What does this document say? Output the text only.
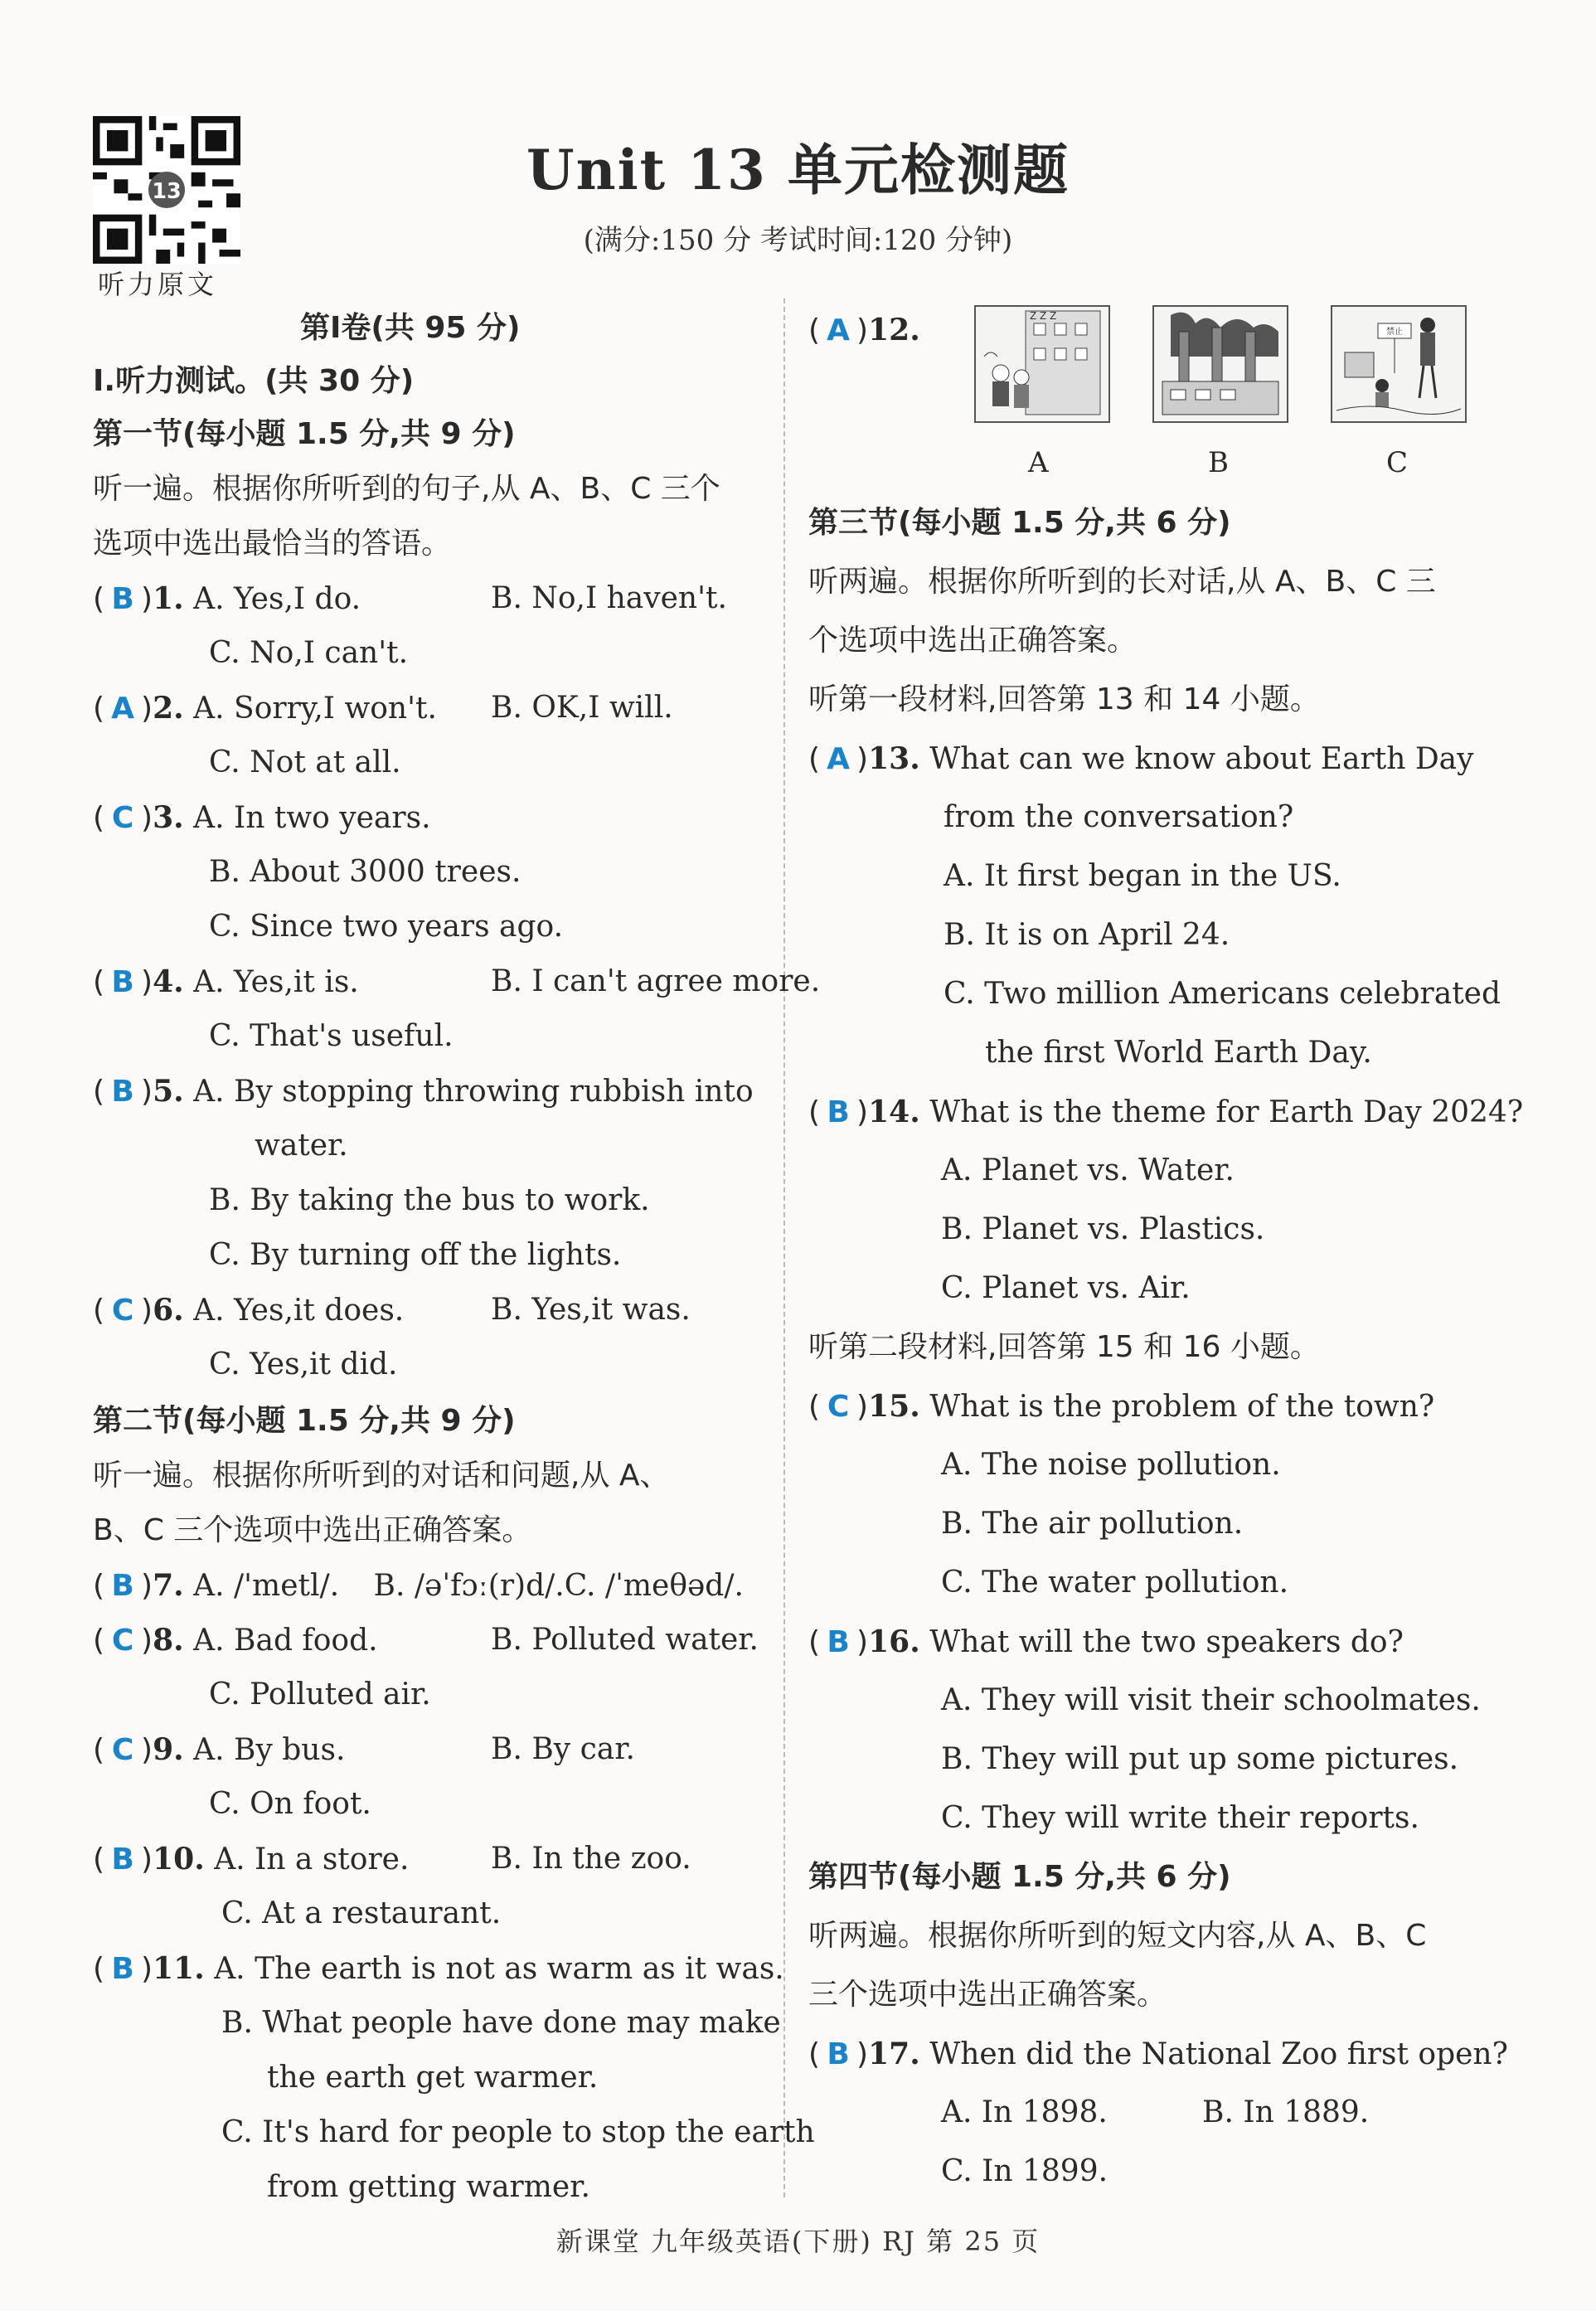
13
听力原文
Unit 13 单元检测题
(满分:150 分 考试时间:120 分钟)
第Ⅰ卷(共 95 分)
Ⅰ.听力测试。(共 30 分)
第一节(每小题 1.5 分,共 9 分)
听一遍。根据你所听到的句子,从 A、B、C 三个
选项中选出最恰当的答语。
( B )1. A. Yes,I do.	B. No,I haven't.
C. No,I can't.
( A )2. A. Sorry,I won't. B. OK,I will.
C. Not at all.
( C )3. A. In two years.
B. About 3000 trees.
C. Since two years ago.
( B )4. A. Yes,it is.	B. I can't agree more.
C. That's useful.
( B )5. A. By stopping throwing rubbish into
water.
B. By taking the bus to work.
C. By turning off the lights.
( C )6. A. Yes,it does.	B. Yes,it was.
C. Yes,it did.
第二节(每小题 1.5 分,共 9 分)
听一遍。根据你所听到的对话和问题,从 A、
B、C 三个选项中选出正确答案。
( B )7. A. /'metl/. B. /əˈfɔː(r)d/.C. /ˈmeθəd/.
( C )8. A. Bad food.	B. Polluted water.
C. Polluted air.
( C )9. A. By bus.	B. By car.
C. On foot.
( B )10. A. In a store.	B. In the zoo.
C. At a restaurant.
( B )11. A. The earth is not as warm as it was.
B. What people have done may make
the earth get warmer.
C. It's hard for people to stop the earth
from getting warmer.
( A )12.	Z Z Z
禁止
A	B	C
第三节(每小题 1.5 分,共 6 分)
听两遍。根据你所听到的长对话,从 A、B、C 三
个选项中选出正确答案。
听第一段材料,回答第 13 和 14 小题。
( A )13. What can we know about Earth Day
from the conversation?
A. It first began in the US.
B. It is on April 24.
C. Two million Americans celebrated
the first World Earth Day.
( B )14. What is the theme for Earth Day 2024?
A. Planet vs. Water.
B. Planet vs. Plastics.
C. Planet vs. Air.
听第二段材料,回答第 15 和 16 小题。
( C )15. What is the problem of the town?
A. The noise pollution.
B. The air pollution.
C. The water pollution.
( B )16. What will the two speakers do?
A. They will visit their schoolmates.
B. They will put up some pictures.
C. They will write their reports.
第四节(每小题 1.5 分,共 6 分)
听两遍。根据你所听到的短文内容,从 A、B、C
三个选项中选出正确答案。
( B )17. When did the National Zoo first open?
A. In 1898.	B. In 1889.
C. In 1899.
新课堂 九年级英语(下册) RJ 第 25 页
